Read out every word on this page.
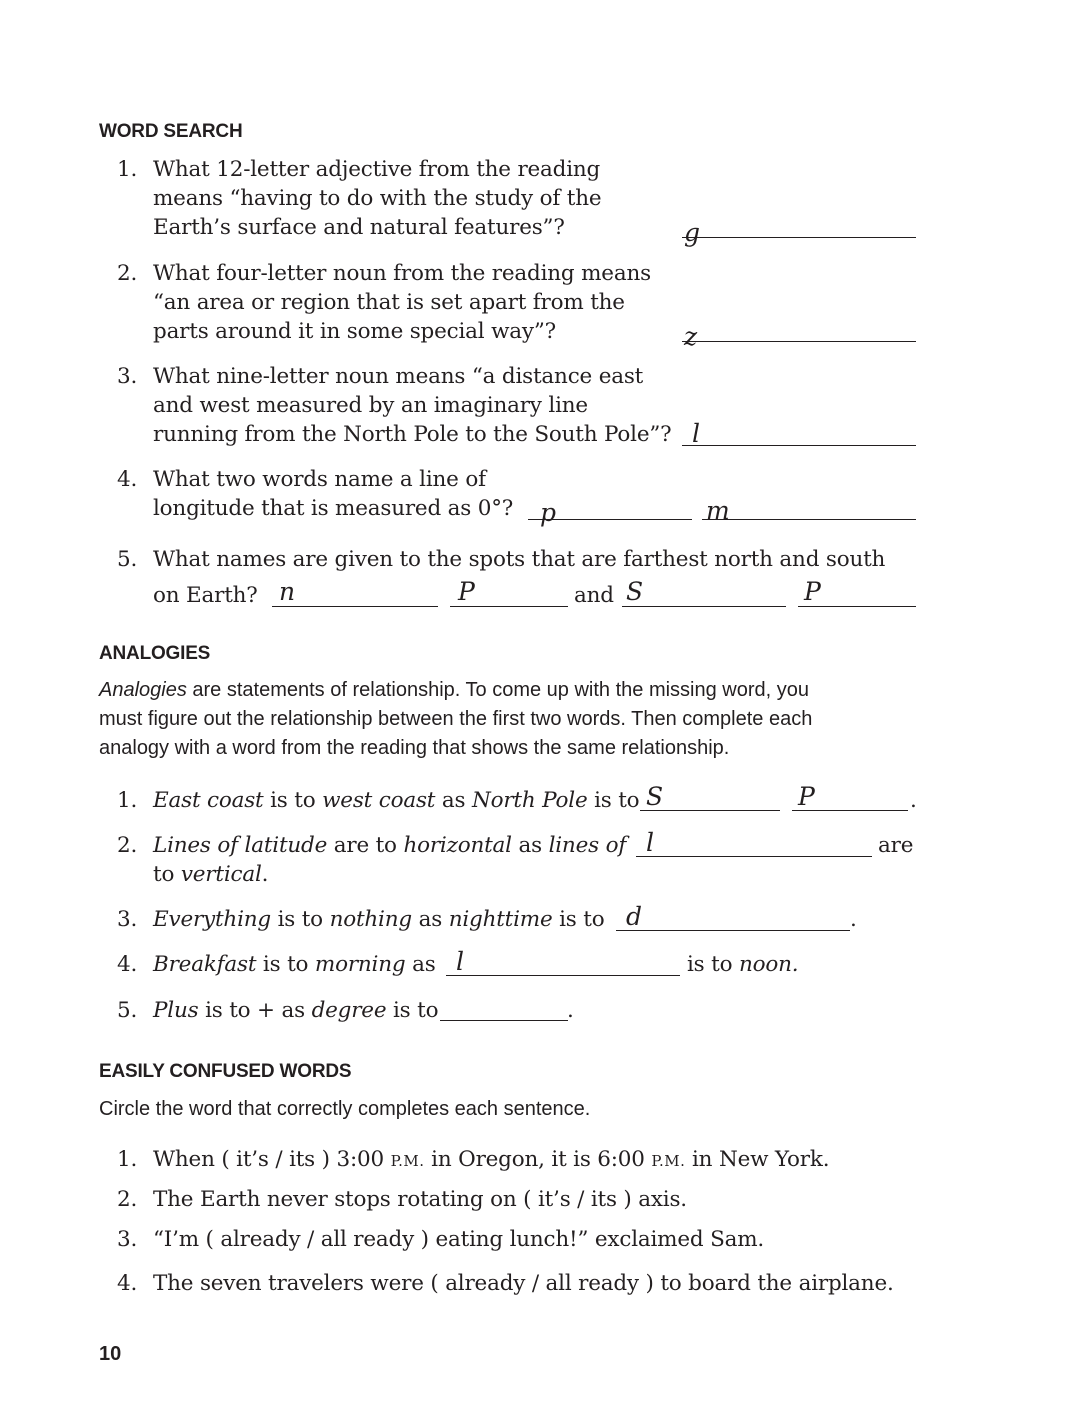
WORD SEARCH
1. What 12-letter adjective from the reading
means “having to do with the study of the
Earth’s surface and natural features”?	g
2. What four-letter noun from the reading means
“an area or region that is set apart from the
parts around it in some special way”?	z
3. What nine-letter noun means “a distance east
and west measured by an imaginary line
running from the North Pole to the South Pole”? l
4. What two words name a line of
longitude that is measured as 0°? p	m
5. What names are given to the spots that are farthest north and south
on Earth? n	P	and S	P
ANALOGIES
Analogies are statements of relationship. To come up with the missing word, you
must figure out the relationship between the first two words. Then complete each
analogy with a word from the reading that shows the same relationship.
1. East coast is to west coast as North Pole is to S	P	.
2. Lines of latitude are to horizontal as lines of l	are
to vertical.
3. Everything is to nothing as nighttime is to d	.
4. Breakfast is to morning as l	is to noon.
5. Plus is to + as degree is to	.
EASILY CONFUSED WORDS
Circle the word that correctly completes each sentence.
1. When ( it’s / its ) 3:00 P.M. in Oregon, it is 6:00 P.M. in New York.
2. The Earth never stops rotating on ( it’s / its ) axis.
3. “I’m ( already / all ready ) eating lunch!” exclaimed Sam.
4. The seven travelers were ( already / all ready ) to board the airplane.
10
